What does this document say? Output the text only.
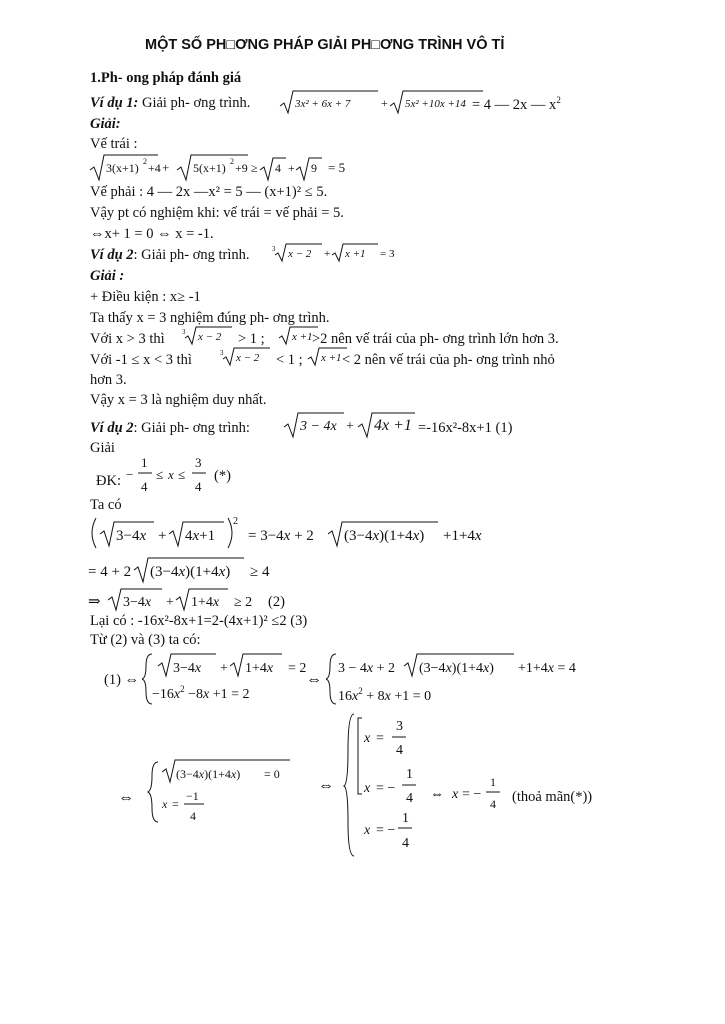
MỘT SỐ PH□ƠNG PHÁP GIẢI PH□ƠNG TRÌNH VÔ TỈ
1.Ph- ong pháp đánh giá
Ví dụ 1: Giải ph- ơng trình.	3x² + 6x + 7	+ 5x² +10x +14 = 4 — 2x — $x^2$
Giải:
Vế trái :
3(x+1) 2 +4 + 5(x+1) 2 +9 ≥ 4 + 9 = 5
Vế phải : 4 — 2x —x² = 5 — (x+1)² ≤ 5.
Vậy pt có nghiệm khi: vế trái = vế phải = 5.
⇔x+ 1 = 0 ⇔ x = -1.
Ví dụ 2: Giải ph- ơng trình.	3 x − 2 + x +1 = 3
Giải :
+ Điều kiện : x≥ -1
Ta thấy x = 3 nghiệm đúng ph- ơng trình.
Với x > 3 thì 3 x − 2 > 1 ; x +1 >2 nên vế trái của ph- ơng trình lớn hơn 3.
Với -1 ≤ x < 3 thì	3 x − 2 < 1 ; x +1 < 2 nên vế trái của ph- ơng trình nhỏ
hơn 3.
Vậy x = 3 là nghiệm duy nhất.
Ví dụ 2: Giải ph- ơng trình:	3 − 4x + 4x +1 =-16x²-8x+1 (1)
Giải
ĐK: −
1
4
≤ x ≤
3
4
(*)
Ta có
3−4x + 4x+1
2
= 3−4x + 2 (3−4x)(1+4x) +1+4x
= 4 + 2 (3−4x)(1+4x) ≥ 4
⇒ 3−4x + 1+4x ≥ 2 (2)
Lại có : -16x²-8x+1=2-(4x+1)² ≤2 (3)
Từ (2) và (3) ta có:
(1) ⇔
3−4x + 1+4x = 2
$-16x^2 -8x +1 = 2$
⇔
3 − 4x + 2 (3−4x)(1+4x) +1+4x = 4
$16x^2 + 8x +1 = 0$
⇔
(3−4x)(1+4x) = 0
x =
−1
4
⇔
x =
3
4
x = −
1
4 ⇔ x = −
1
4
x = −
1
4
(thoả mãn(*))
